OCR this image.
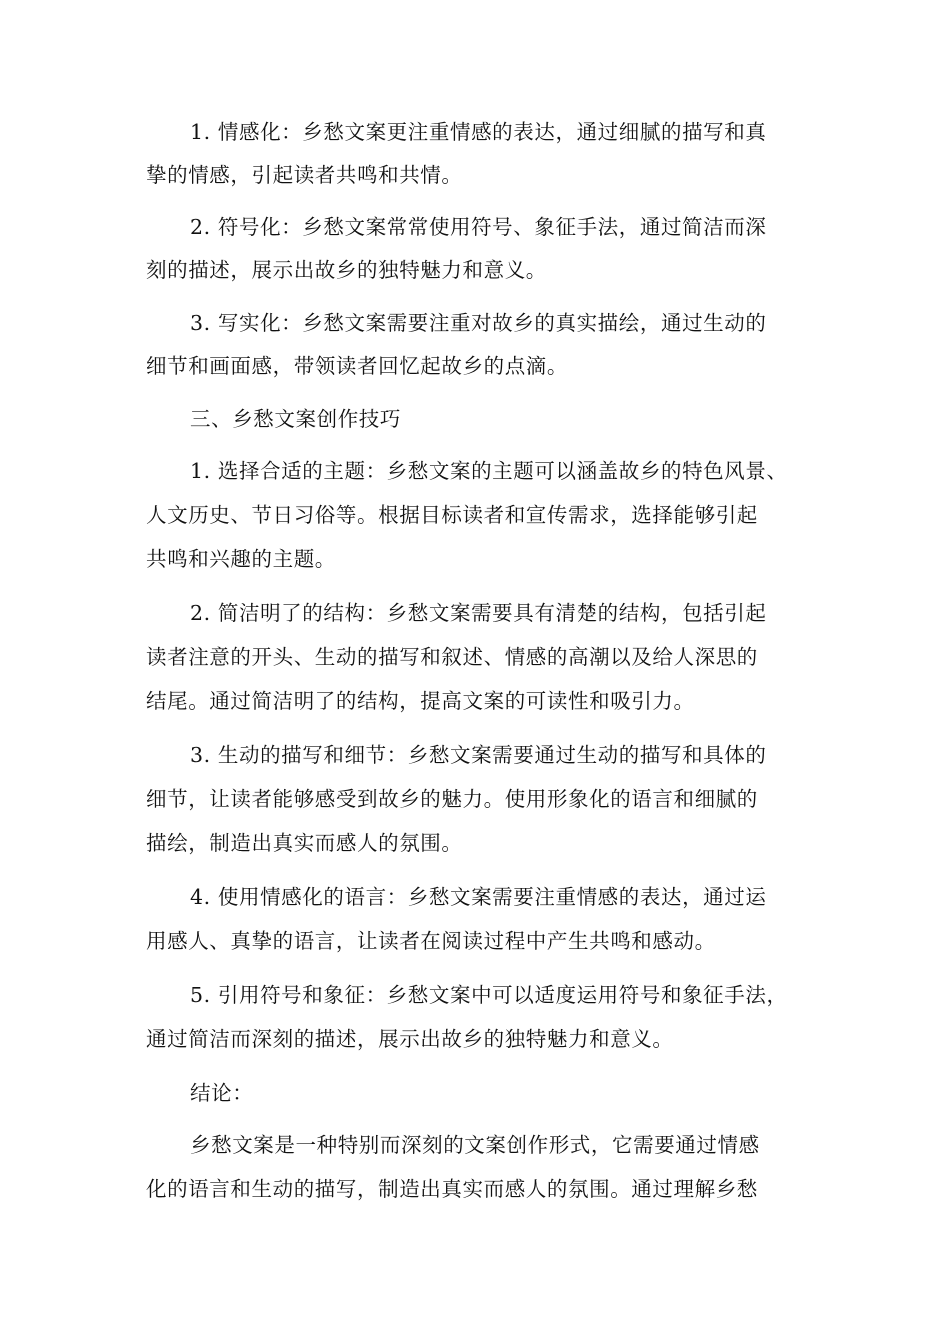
1. 情感化：乡愁文案更注重情感的表达，通过细腻的描写和真
挚的情感，引起读者共鸣和共情。
2. 符号化：乡愁文案常常使用符号、象征手法，通过简洁而深
刻的描述，展示出故乡的独特魅力和意义。
3. 写实化：乡愁文案需要注重对故乡的真实描绘，通过生动的
细节和画面感，带领读者回忆起故乡的点滴。
三、乡愁文案创作技巧
1. 选择合适的主题：乡愁文案的主题可以涵盖故乡的特色风景、
人文历史、节日习俗等。根据目标读者和宣传需求，选择能够引起
共鸣和兴趣的主题。
2. 简洁明了的结构：乡愁文案需要具有清楚的结构，包括引起
读者注意的开头、生动的描写和叙述、情感的高潮以及给人深思的
结尾。通过简洁明了的结构，提高文案的可读性和吸引力。
3. 生动的描写和细节：乡愁文案需要通过生动的描写和具体的
细节，让读者能够感受到故乡的魅力。使用形象化的语言和细腻的
描绘，制造出真实而感人的氛围。
4. 使用情感化的语言：乡愁文案需要注重情感的表达，通过运
用感人、真挚的语言，让读者在阅读过程中产生共鸣和感动。
5. 引用符号和象征：乡愁文案中可以适度运用符号和象征手法，
通过简洁而深刻的描述，展示出故乡的独特魅力和意义。
结论：
乡愁文案是一种特别而深刻的文案创作形式，它需要通过情感
化的语言和生动的描写，制造出真实而感人的氛围。通过理解乡愁
